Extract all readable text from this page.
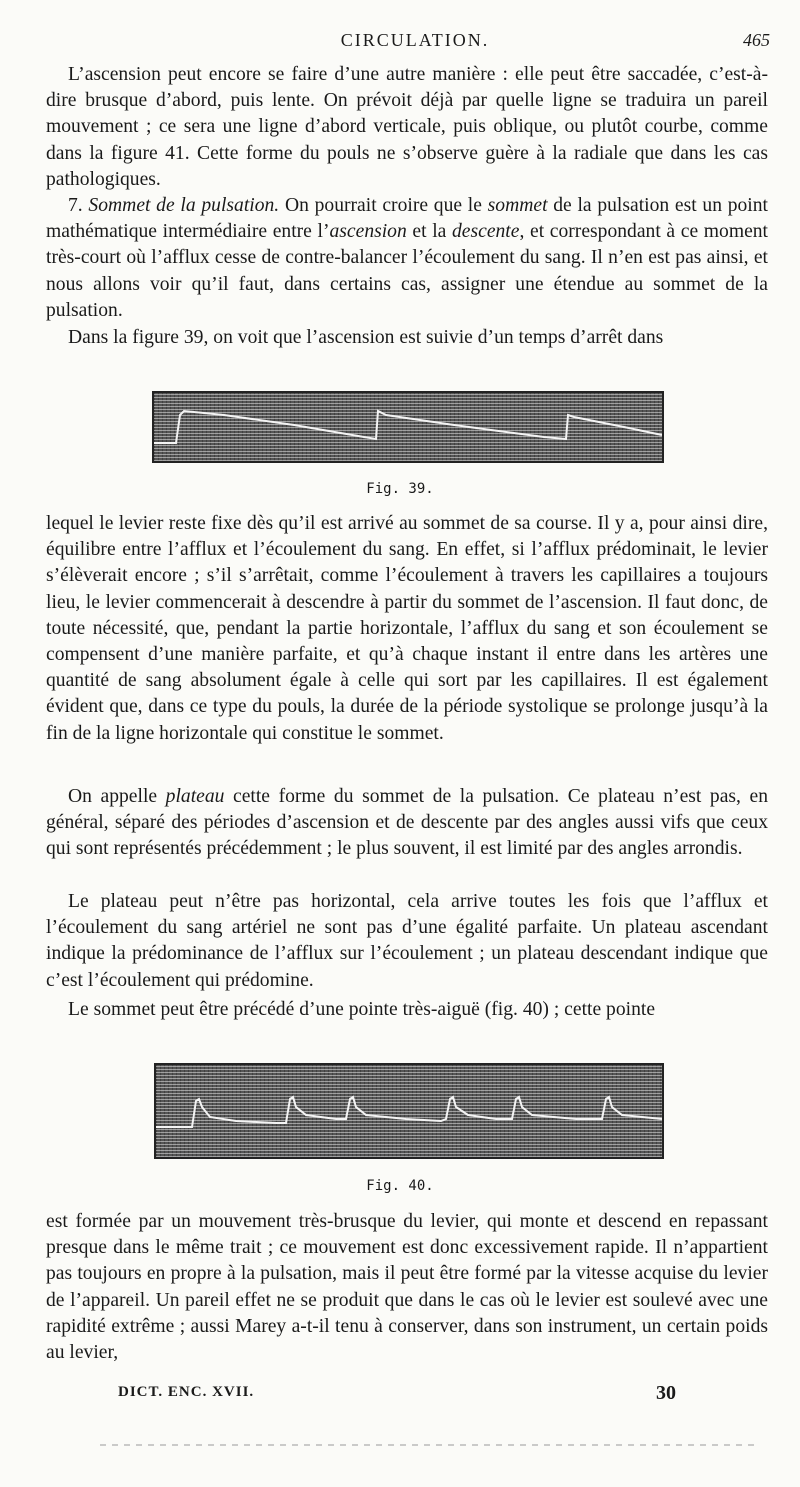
CIRCULATION.	465

L’ascension peut encore se faire d’une autre manière : elle peut être saccadée, c’est-à-dire brusque d’abord, puis lente. On prévoit déjà par quelle ligne se traduira un pareil mouvement ; ce sera une ligne d’abord verticale, puis oblique, ou plutôt courbe, comme dans la figure 41. Cette forme du pouls ne s’observe guère à la radiale que dans les cas pathologiques.

7. Sommet de la pulsation. On pourrait croire que le sommet de la pulsation est un point mathématique intermédiaire entre l’ascension et la descente, et correspondant à ce moment très-court où l’afflux cesse de contre-balancer l’écoulement du sang. Il n’en est pas ainsi, et nous allons voir qu’il faut, dans certains cas, assigner une étendue au sommet de la pulsation.

Dans la figure 39, on voit que l’ascension est suivie d’un temps d’arrêt dans

Fig. 39.

lequel le levier reste fixe dès qu’il est arrivé au sommet de sa course. Il y a, pour ainsi dire, équilibre entre l’afflux et l’écoulement du sang. En effet, si l’afflux prédominait, le levier s’élèverait encore ; s’il s’arrêtait, comme l’écoulement à travers les capillaires a toujours lieu, le levier commencerait à descendre à partir du sommet de l’ascension. Il faut donc, de toute nécessité, que, pendant la partie horizontale, l’afflux du sang et son écoulement se compensent d’une manière parfaite, et qu’à chaque instant il entre dans les artères une quantité de sang absolument égale à celle qui sort par les capillaires. Il est également évident que, dans ce type du pouls, la durée de la période systolique se prolonge jusqu’à la fin de la ligne horizontale qui constitue le sommet.

On appelle plateau cette forme du sommet de la pulsation. Ce plateau n’est pas, en général, séparé des périodes d’ascension et de descente par des angles aussi vifs que ceux qui sont représentés précédemment ; le plus souvent, il est limité par des angles arrondis.

Le plateau peut n’être pas horizontal, cela arrive toutes les fois que l’afflux et l’écoulement du sang artériel ne sont pas d’une égalité parfaite. Un plateau ascendant indique la prédominance de l’afflux sur l’écoulement ; un plateau descendant indique que c’est l’écoulement qui prédomine.

Le sommet peut être précédé d’une pointe très-aiguë (fig. 40) ; cette pointe

Fig. 40.

est formée par un mouvement très-brusque du levier, qui monte et descend en repassant presque dans le même trait ; ce mouvement est donc excessivement rapide. Il n’appartient pas toujours en propre à la pulsation, mais il peut être formé par la vitesse acquise du levier de l’appareil. Un pareil effet ne se produit que dans le cas où le levier est soulevé avec une rapidité extrême ; aussi Marey a-t-il tenu à conserver, dans son instrument, un certain poids au levier,

DICT. ENC. XVII.	30
